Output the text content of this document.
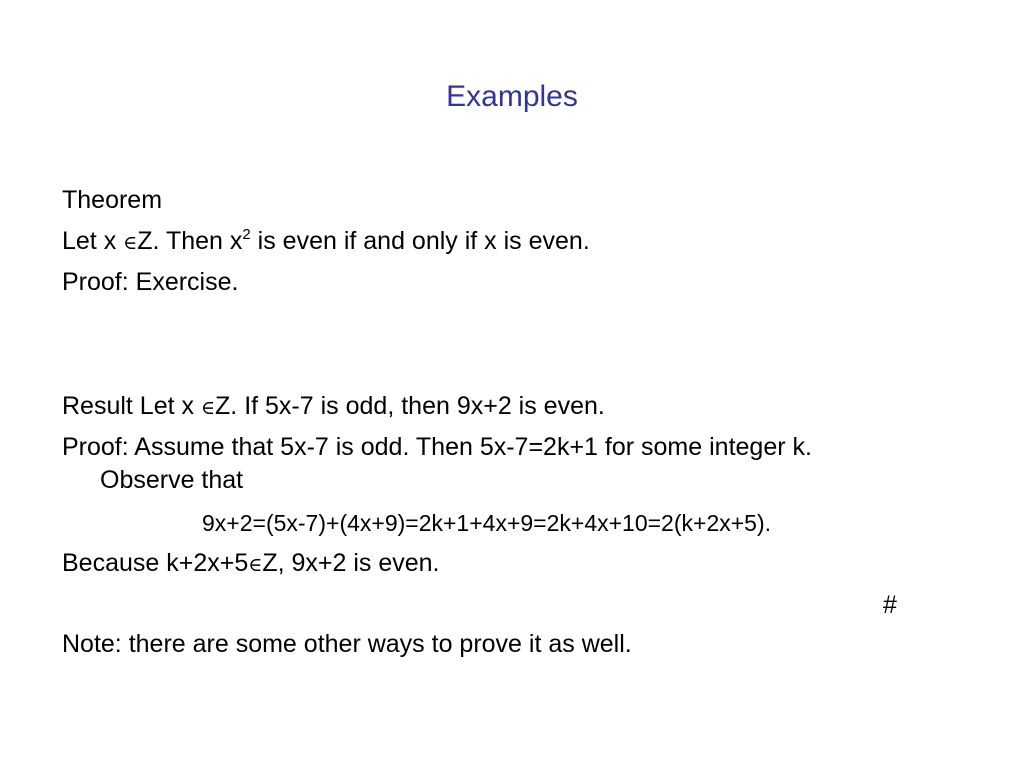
Examples
Theorem
Let x ∈Z. Then $x^2$ is even if and only if x is even.
Proof: Exercise.
Result Let x ∈Z. If 5x-7 is odd, then 9x+2 is even.
Proof: Assume that 5x-7 is odd. Then 5x-7=2k+1 for some integer k.
Observe that
9x+2=(5x-7)+(4x+9)=2k+1+4x+9=2k+4x+10=2(k+2x+5).
Because k+2x+5∈Z, 9x+2 is even.
#
Note: there are some other ways to prove it as well.
